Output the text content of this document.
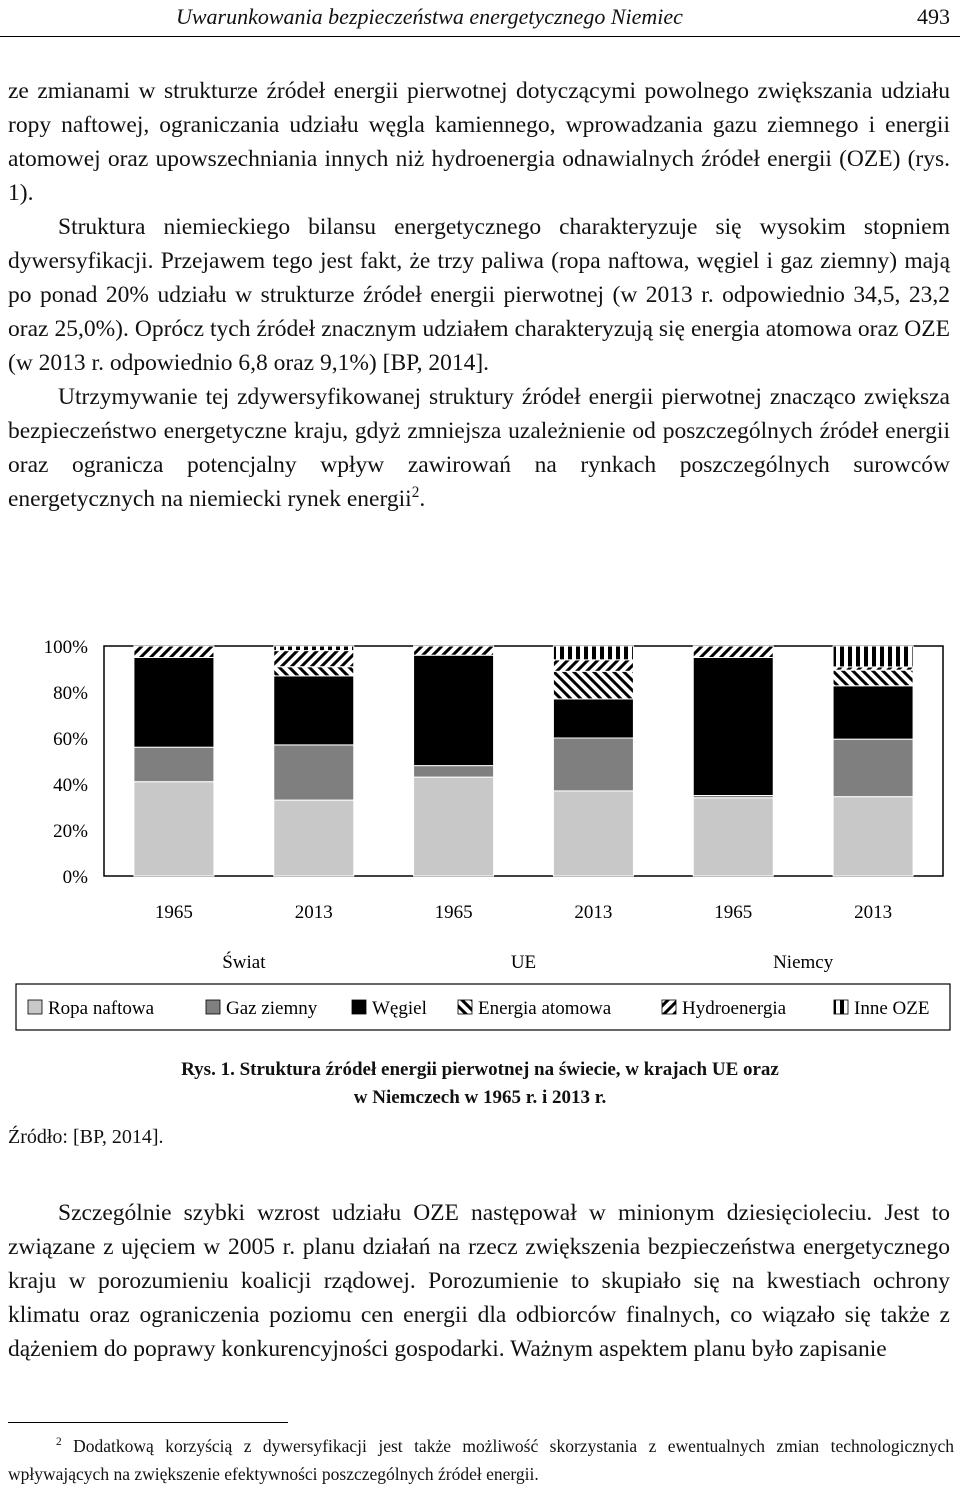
Uwarunkowania bezpieczeństwa energetycznego Niemiec	493

ze zmianami w strukturze źródeł energii pierwotnej dotyczącymi powolnego zwiększania udziału ropy naftowej, ograniczania udziału węgla kamiennego, wprowadzania gazu ziemnego i energii atomowej oraz upowszechniania innych niż hydroenergia odnawialnych źródeł energii (OZE) (rys. 1).

Struktura niemieckiego bilansu energetycznego charakteryzuje się wysokim stopniem dywersyfikacji. Przejawem tego jest fakt, że trzy paliwa (ropa naftowa, węgiel i gaz ziemny) mają po ponad 20% udziału w strukturze źródeł energii pierwotnej (w 2013 r. odpowiednio 34,5, 23,2 oraz 25,0%). Oprócz tych źródeł znacznym udziałem charakteryzują się energia atomowa oraz OZE (w 2013 r. odpowiednio 6,8 oraz 9,1%) [BP, 2014].

Utrzymywanie tej zdywersyfikowanej struktury źródeł energii pierwotnej znacząco zwiększa bezpieczeństwo energetyczne kraju, gdyż zmniejsza uzależnienie od poszczególnych źródeł energii oraz ogranicza potencjalny wpływ zawirowań na rynkach poszczególnych surowców energetycznych na niemiecki rynek energii$^2$.

0%
20%
40%
60%
80%
100%
1965	2013	1965	2013	1965	2013
Świat	UE	Niemcy
Ropa naftowa	Gaz ziemny	Węgiel	Energia atomowa	Hydroenergia	Inne OZE
Rys. 1. Struktura źródeł energii pierwotnej na świecie, w krajach UE oraz
w Niemczech w 1965 r. i 2013 r.
Źródło: [BP, 2014].

Szczególnie szybki wzrost udziału OZE następował w minionym dziesięcioleciu. Jest to związane z ujęciem w 2005 r. planu działań na rzecz zwiększenia bezpieczeństwa energetycznego kraju w porozumieniu koalicji rządowej. Porozumienie to skupiało się na kwestiach ochrony klimatu oraz ograniczenia poziomu cen energii dla odbiorców finalnych, co wiązało się także z dążeniem do poprawy konkurencyjności gospodarki. Ważnym aspektem planu było zapisanie

$^2$ Dodatkową korzyścią z dywersyfikacji jest także możliwość skorzystania z ewentualnych zmian technologicznych wpływających na zwiększenie efektywności poszczególnych źródeł energii.
